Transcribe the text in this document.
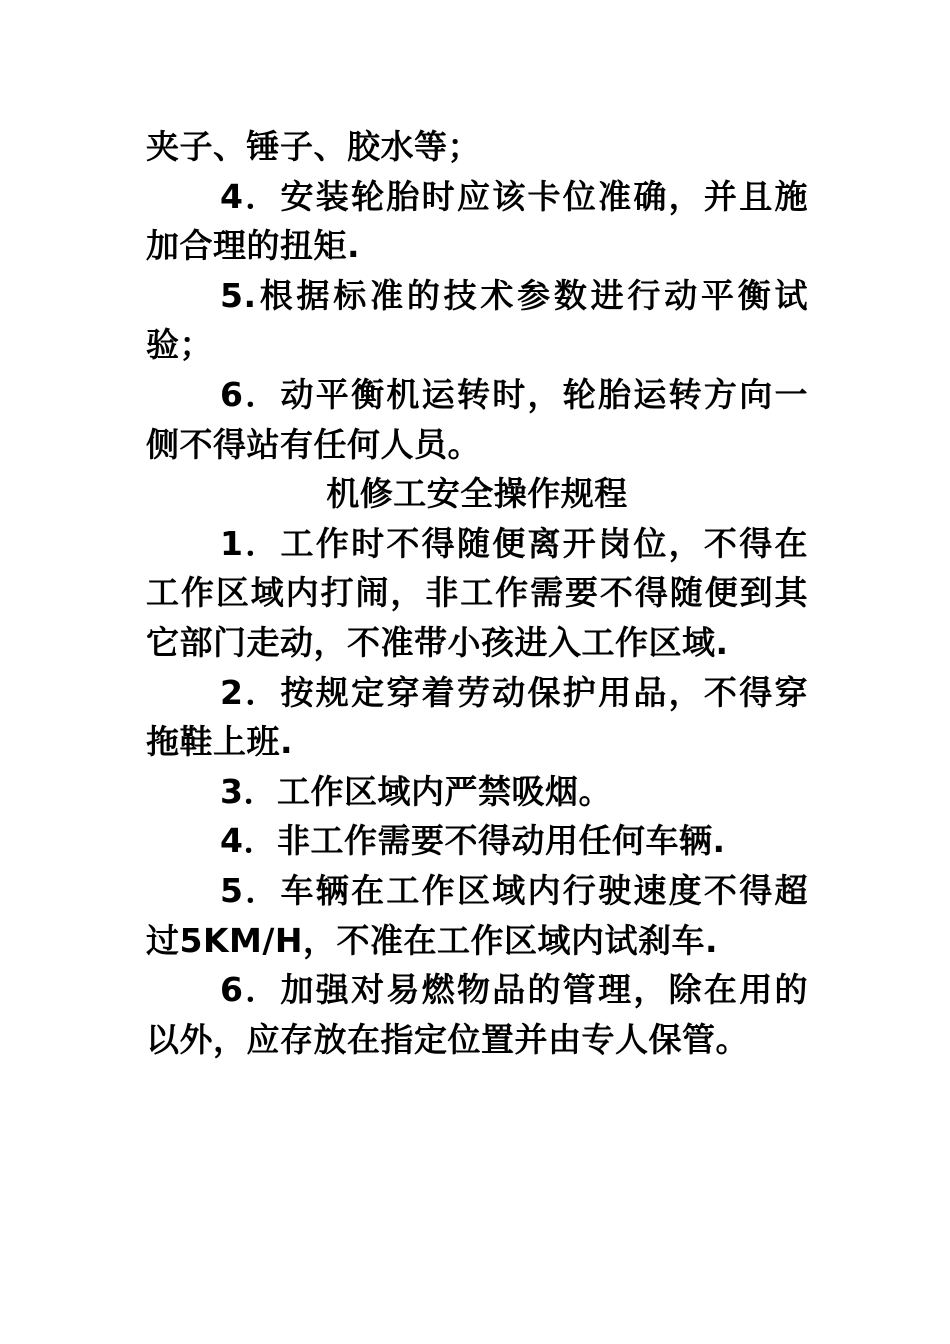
夹子、锤子、胶水等；

4．安装轮胎时应该卡位准确，并且施加合理的扭矩.

5.根据标准的技术参数进行动平衡试验；

6．动平衡机运转时，轮胎运转方向一侧不得站有任何人员。

机修工安全操作规程

1．工作时不得随便离开岗位，不得在工作区域内打闹，非工作需要不得随便到其它部门走动，不准带小孩进入工作区域.

2．按规定穿着劳动保护用品，不得穿拖鞋上班.

3．工作区域内严禁吸烟。

4．非工作需要不得动用任何车辆.

5．车辆在工作区域内行驶速度不得超过5KM/H，不准在工作区域内试刹车.

6．加强对易燃物品的管理，除在用的以外，应存放在指定位置并由专人保管。
